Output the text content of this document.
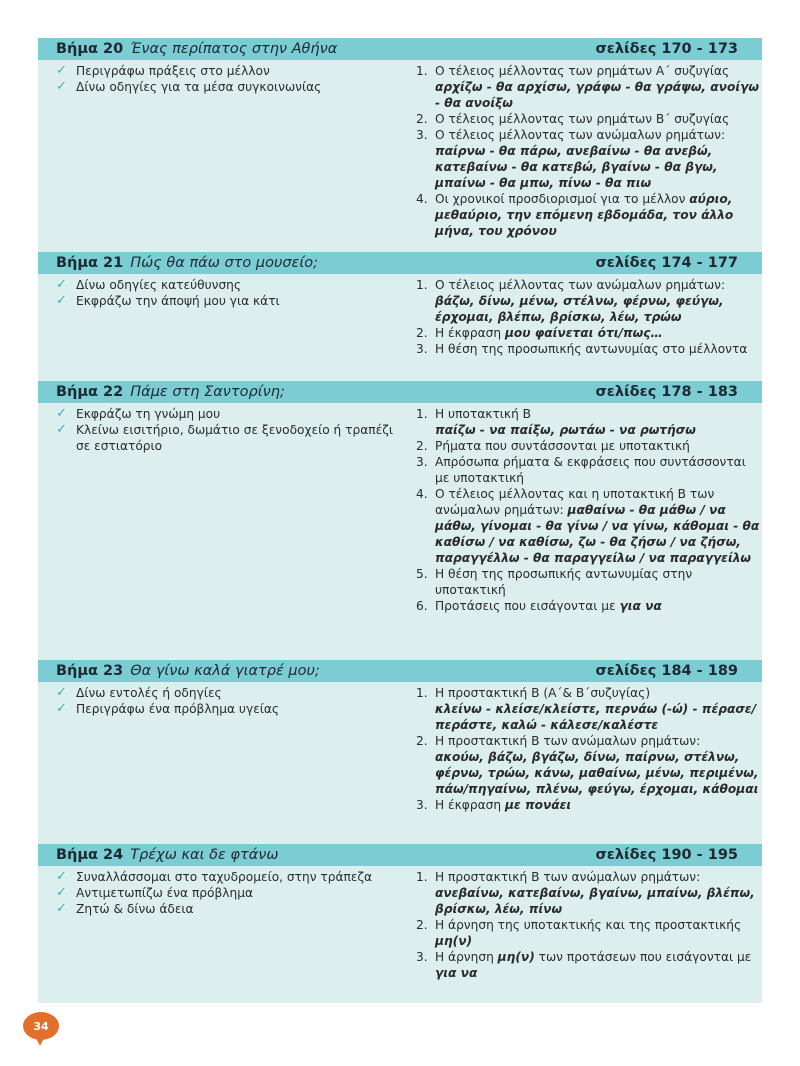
Βήμα 20 Ένας περίπατος στην Αθήνα	σελίδες 170 - 173
✓ Περιγράφω πράξεις στο μέλλον
✓ Δίνω οδηγίες για τα μέσα συγκοινωνίας
1. Ο τέλειος μέλλοντας των ρημάτων Α΄ συζυγίας
αρχίζω - θα αρχίσω, γράφω - θα γράψω, ανοίγω - θα ανοίξω
2. Ο τέλειος μέλλοντας των ρημάτων Β΄ συζυγίας
3. Ο τέλειος μέλλοντας των ανώμαλων ρημάτων:
παίρνω - θα πάρω, ανεβαίνω - θα ανεβώ, κατεβαίνω - θα κατεβώ, βγαίνω - θα βγω, μπαίνω - θα μπω, πίνω - θα πιω
4. Οι χρονικοί προσδιορισμοί για το μέλλον αύριο, μεθαύριο, την επόμενη εβδομάδα, τον άλλο μήνα, του χρόνου
Βήμα 21 Πώς θα πάω στο μουσείο;	σελίδες 174 - 177
✓ Δίνω οδηγίες κατεύθυνσης
✓ Εκφράζω την άποψή μου για κάτι
1. Ο τέλειος μέλλοντας των ανώμαλων ρημάτων:
βάζω, δίνω, μένω, στέλνω, φέρνω, φεύγω, έρχομαι, βλέπω, βρίσκω, λέω, τρώω
2. Η έκφραση μου φαίνεται ότι/πως…
3. Η θέση της προσωπικής αντωνυμίας στο μέλλοντα
Βήμα 22 Πάμε στη Σαντορίνη;	σελίδες 178 - 183
✓ Εκφράζω τη γνώμη μου
✓ Κλείνω εισιτήριο, δωμάτιο σε ξενοδοχείο ή τραπέζι σε εστιατόριο
1. Η υποτακτική Β
παίζω - να παίξω, ρωτάω - να ρωτήσω
2. Ρήματα που συντάσσονται με υποτακτική
3. Απρόσωπα ρήματα & εκφράσεις που συντάσσονται με υποτακτική
4. Ο τέλειος μέλλοντας και η υποτακτική Β των ανώμαλων ρημάτων: μαθαίνω - θα μάθω / να μάθω, γίνομαι - θα γίνω / να γίνω, κάθομαι - θα καθίσω / να καθίσω, ζω - θα ζήσω / να ζήσω, παραγγέλλω - θα παραγγείλω / να παραγγείλω
5. Η θέση της προσωπικής αντωνυμίας στην υποτακτική
6. Προτάσεις που εισάγονται με για να
Βήμα 23 Θα γίνω καλά γιατρέ μου;	σελίδες 184 - 189
✓ Δίνω εντολές ή οδηγίες
✓ Περιγράφω ένα πρόβλημα υγείας
1. Η προστακτική Β (Α΄& Β΄συζυγίας)
κλείνω - κλείσε/κλείστε, περνάω (-ώ) - πέρασε/περάστε, καλώ - κάλεσε/καλέστε
2. Η προστακτική Β των ανώμαλων ρημάτων:
ακούω, βάζω, βγάζω, δίνω, παίρνω, στέλνω, φέρνω, τρώω, κάνω, μαθαίνω, μένω, περιμένω, πάω/πηγαίνω, πλένω, φεύγω, έρχομαι, κάθομαι
3. Η έκφραση με πονάει
Βήμα 24 Τρέχω και δε φτάνω	σελίδες 190 - 195
✓ Συναλλάσσομαι στο ταχυδρομείο, στην τράπεζα
✓ Αντιμετωπίζω ένα πρόβλημα
✓ Ζητώ & δίνω άδεια
1. Η προστακτική Β των ανώμαλων ρημάτων:
ανεβαίνω, κατεβαίνω, βγαίνω, μπαίνω, βλέπω, βρίσκω, λέω, πίνω
2. Η άρνηση της υποτακτικής και της προστακτικής
μη(ν)
3. Η άρνηση μη(ν) των προτάσεων που εισάγονται με για να
34
